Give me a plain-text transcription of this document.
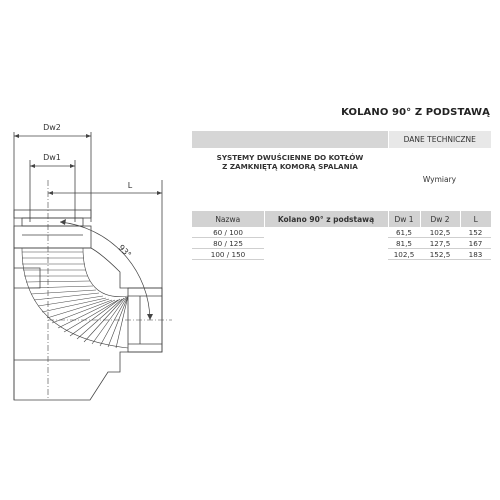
Dw2
Dw1
L
93°
KOLANO 90° Z PODSTAWĄ
		DANE TECHNICZNE		

SYSTEMY DWUŚCIENNE DO KOTŁÓW
Z ZAMKNIĘTĄ KOMORĄ SPALANIA		Wymiary		
Nazwa	Kolano 90° z podstawą	Dw 1	Dw 2	L
60 / 100		61,5	102,5	152
80 / 125		81,5	127,5	167
100 / 150		102,5	152,5	183
